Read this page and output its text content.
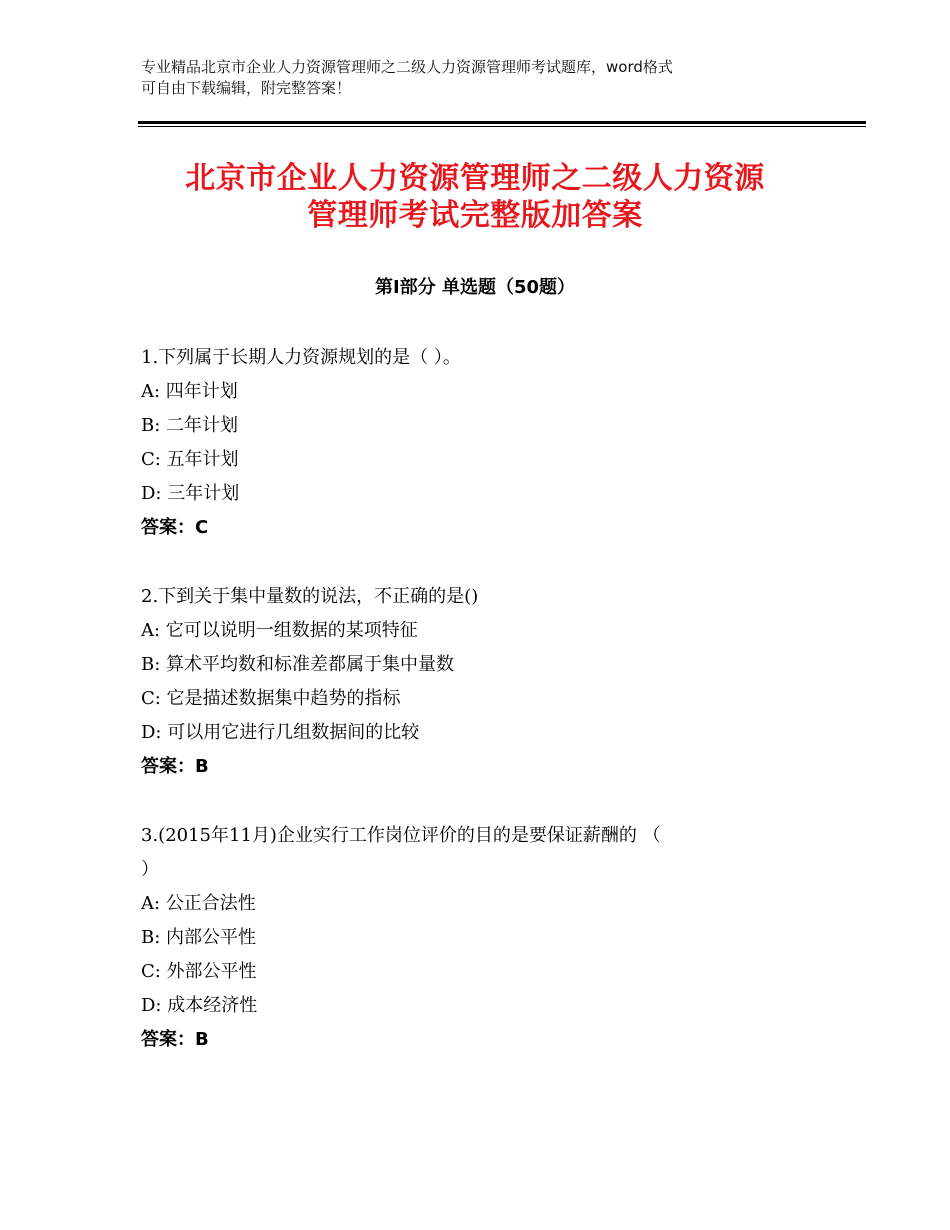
专业精品北京市企业人力资源管理师之二级人力资源管理师考试题库，word格式
可自由下载编辑，附完整答案！
北京市企业人力资源管理师之二级人力资源
管理师考试完整版加答案
第Ⅰ部分 单选题（50题）
1.下列属于长期人力资源规划的是（ ）。
A: 四年计划
B: 二年计划
C: 五年计划
D: 三年计划
答案：C
2.下到关于集中量数的说法，不正确的是()
A: 它可以说明一组数据的某项特征
B: 算术平均数和标准差都属于集中量数
C: 它是描述数据集中趋势的指标
D: 可以用它进行几组数据间的比较
答案：B
3.(2015年11月)企业实行工作岗位评价的目的是要保证薪酬的 （
）
A: 公正合法性
B: 内部公平性
C: 外部公平性
D: 成本经济性
答案：B
